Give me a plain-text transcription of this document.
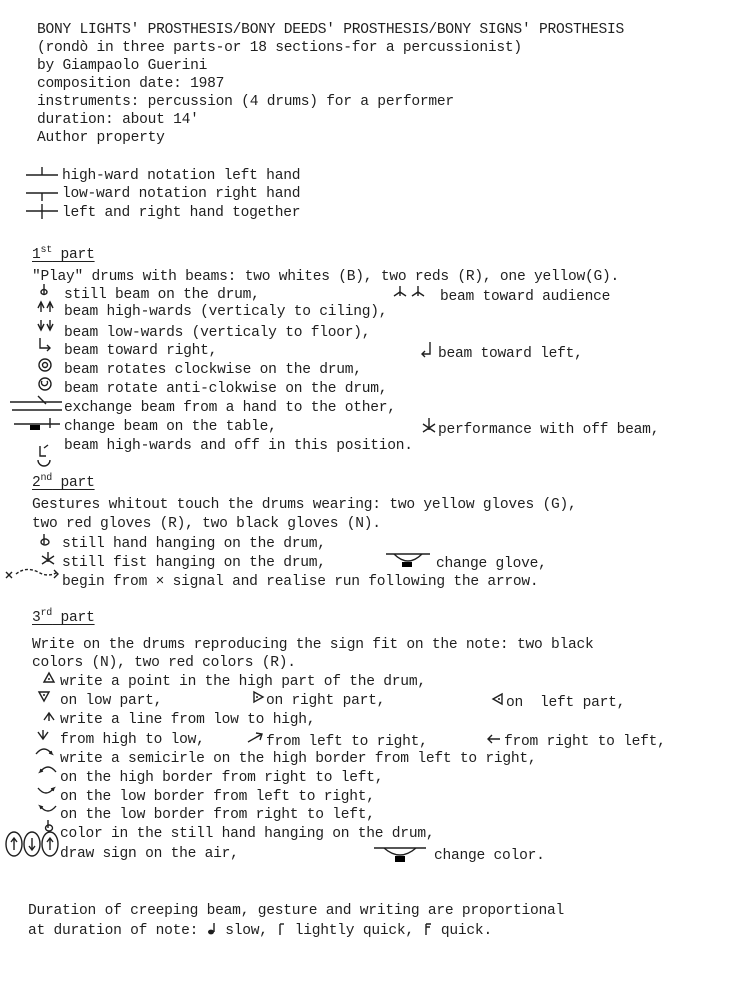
BONY LIGHTS' PROSTHESIS/BONY DEEDS' PROSTHESIS/BONY SIGNS' PROSTHESIS
(rondò in three parts-or 18 sections-for a percussionist)
by Giampaolo Guerini
composition date: 1987
instruments: percussion (4 drums) for a performer
duration: about 14'
Author property
high-ward notation left hand
low-ward notation right hand
left and right hand together
1st part
"Play" drums with beams: two whites (B), two reds (R), one yellow(G).
still beam on the drum,
beam high-wards (verticaly to ciling),
beam low-wards (verticaly to floor),
beam toward right,
beam rotates clockwise on the drum,
beam rotate anti-clokwise on the drum,
exchange beam from a hand to the other,
change beam on the table,
beam high-wards and off in this position.
beam toward audience
beam toward left,
performance with off beam,
2nd part
Gestures whitout touch the drums wearing: two yellow gloves (G),
two red gloves (R), two black gloves (N).
still hand hanging on the drum,
still fist hanging on the drum,
begin from × signal and realise run following the arrow.
change glove,
3rd part
Write on the drums reproducing the sign fit on the note: two black
colors (N), two red colors (R).
write a point in the high part of the drum,
on low part,
write a line from low to high,
from high to low,
write a semicirle on the high border from left to right,
on the high border from right to left,
on the low border from left to right,
on the low border from right to left,
color in the still hand hanging on the drum,
draw sign on the air,
on right part,
from left to right,
on  left part,
from right to left,
change color.
Duration of creeping beam, gesture and writing are proportional
at duration of note: slow, lightly quick, quick.
